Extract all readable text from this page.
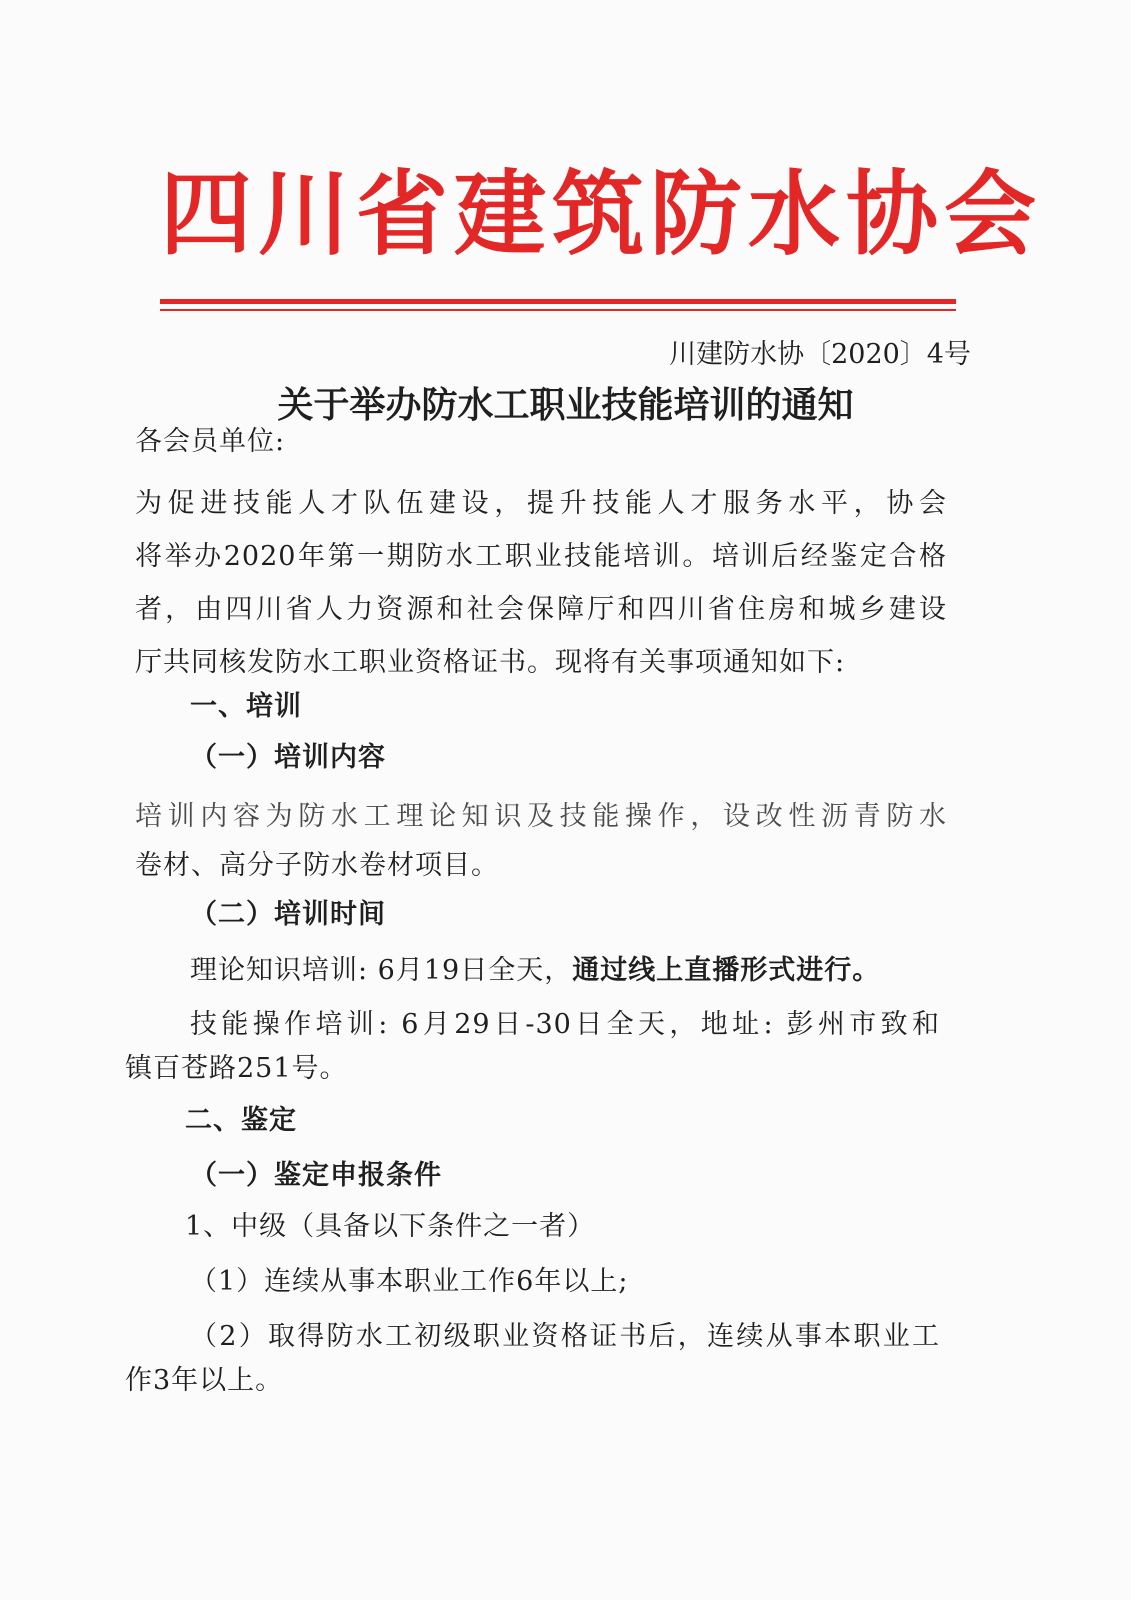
四川省建筑防水协会
川建防水协〔2020〕4号
关于举办防水工职业技能培训的通知
各会员单位:
为促进技能人才队伍建设，提升技能人才服务水平，协会
将举办2020年第一期防水工职业技能培训。培训后经鉴定合格
者，由四川省人力资源和社会保障厅和四川省住房和城乡建设
厅共同核发防水工职业资格证书。现将有关事项通知如下:
一、培训
（一）培训内容
培训内容为防水工理论知识及技能操作，设改性沥青防水
卷材、高分子防水卷材项目。
（二）培训时间
理论知识培训: 6月19日全天，通过线上直播形式进行。
技能操作培训: 6月29日-30日全天，地址: 彭州市致和
镇百苍路251号。
二、鉴定
（一）鉴定申报条件
1、中级（具备以下条件之一者）
（1）连续从事本职业工作6年以上;
（2）取得防水工初级职业资格证书后，连续从事本职业工
作3年以上。
